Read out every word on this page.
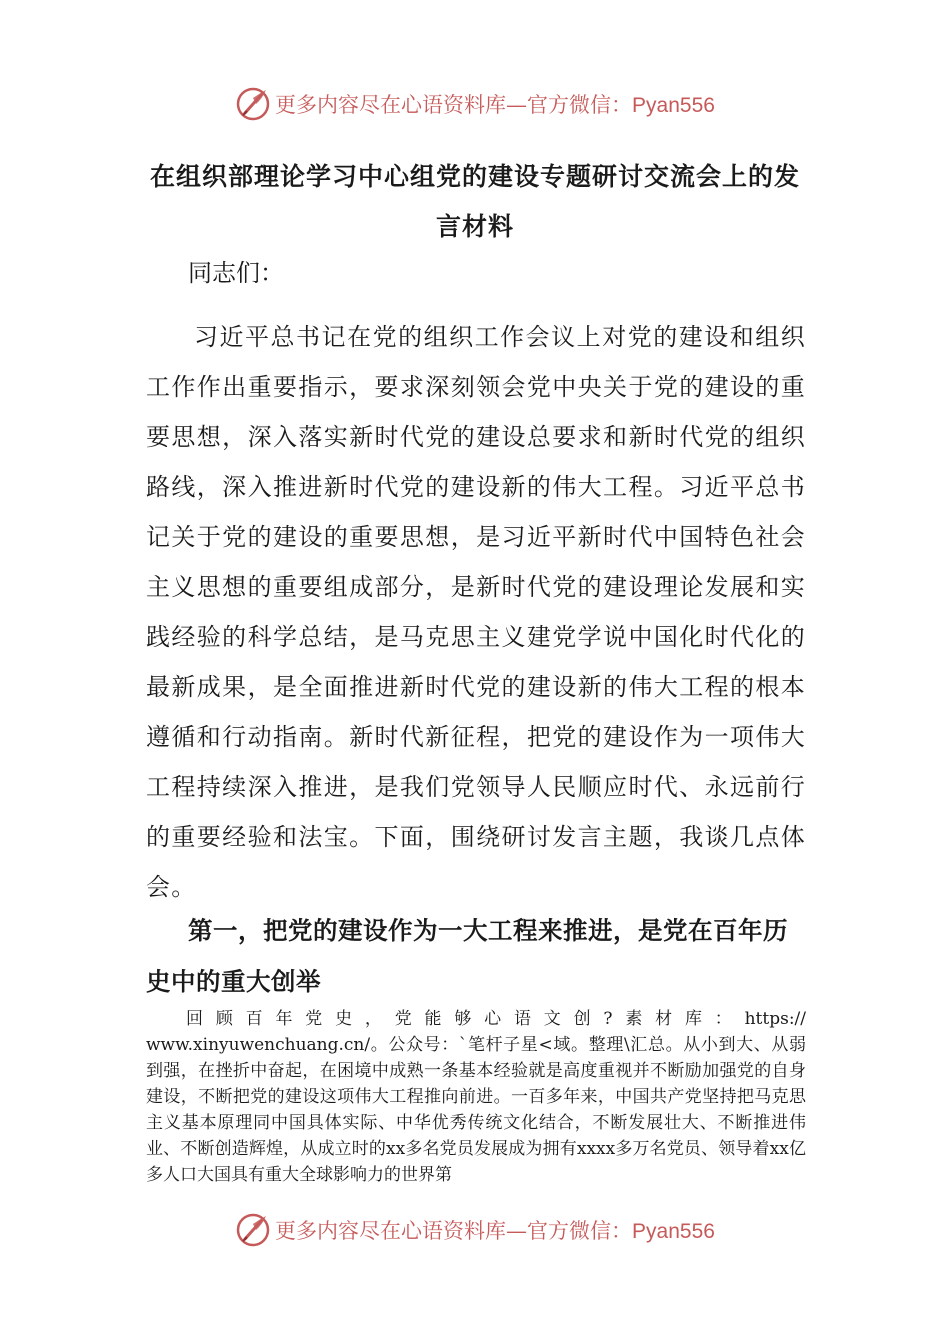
更多内容尽在心语资料库—官方微信：Pyan556
在组织部理论学习中心组党的建设专题研讨交流会上的发言材料
同志们：
习近平总书记在党的组织工作会议上对党的建设和组织工作作出重要指示，要求深刻领会党中央关于党的建设的重要思想，深入落实新时代党的建设总要求和新时代党的组织路线，深入推进新时代党的建设新的伟大工程。习近平总书记关于党的建设的重要思想，是习近平新时代中国特色社会主义思想的重要组成部分，是新时代党的建设理论发展和实践经验的科学总结，是马克思主义建党学说中国化时代化的最新成果，是全面推进新时代党的建设新的伟大工程的根本遵循和行动指南。新时代新征程，把党的建设作为一项伟大工程持续深入推进，是我们党领导人民顺应时代、永远前行的重要经验和法宝。下面，围绕研讨发言主题，我谈几点体会。
第一，把党的建设作为一大工程来推进，是党在百年历史中的重大创举
回顾百年党史，党能够心语文创?素材库：https:// www.xinyuwenchuang.cn/。公众号：`笔杆子星<域。整理\汇总。从小到大、从弱到强，在挫折中奋起，在困境中成熟一条基本经验就是高度重视并不断励加强党的自身建设，不断把党的建设这项伟大工程推向前进。一百多年来，中国共产党坚持把马克思主义基本原理同中国具体实际、中华优秀传统文化结合，不断发展壮大、不断推进伟业、不断创造辉煌，从成立时的xx多名党员发展成为拥有xxxx多万名党员、领导着xx亿多人口大国具有重大全球影响力的世界第
更多内容尽在心语资料库—官方微信：Pyan556
